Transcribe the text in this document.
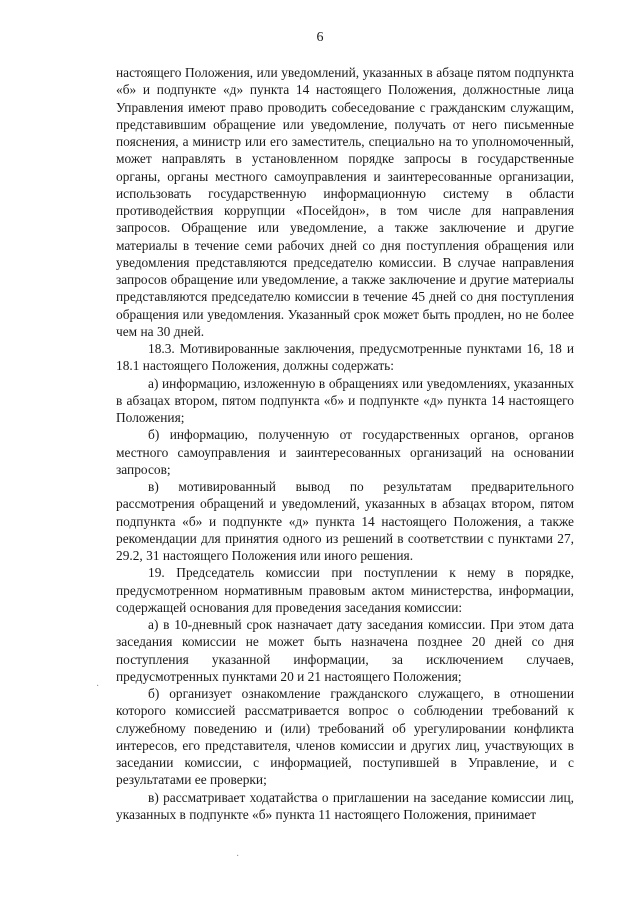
6

настоящего Положения, или уведомлений, указанных в абзаце пятом подпункта «б» и подпункте «д» пункта 14 настоящего Положения, должностные лица Управления имеют право проводить собеседование с гражданским служащим, представившим обращение или уведомление, получать от него письменные пояснения, а министр или его заместитель, специально на то уполномоченный, может направлять в установленном порядке запросы в государственные органы, органы местного самоуправления и заинтересованные организации, использовать государственную информационную систему в области противодействия коррупции «Посейдон», в том числе для направления запросов. Обращение или уведомление, а также заключение и другие материалы в течение семи рабочих дней со дня поступления обращения или уведомления представляются председателю комиссии. В случае направления запросов обращение или уведомление, а также заключение и другие материалы представляются председателю комиссии в течение 45 дней со дня поступления обращения или уведомления. Указанный срок может быть продлен, но не более чем на 30 дней.

18.3. Мотивированные заключения, предусмотренные пунктами 16, 18 и 18.1 настоящего Положения, должны содержать:

а) информацию, изложенную в обращениях или уведомлениях, указанных в абзацах втором, пятом подпункта «б» и подпункте «д» пункта 14 настоящего Положения;

б) информацию, полученную от государственных органов, органов местного самоуправления и заинтересованных организаций на основании запросов;

в) мотивированный вывод по результатам предварительного рассмотрения обращений и уведомлений, указанных в абзацах втором, пятом подпункта «б» и подпункте «д» пункта 14 настоящего Положения, а также рекомендации для принятия одного из решений в соответствии с пунктами 27, 29.2, 31 настоящего Положения или иного решения.

19. Председатель комиссии при поступлении к нему в порядке, предусмотренном нормативным правовым актом министерства, информации, содержащей основания для проведения заседания комиссии:

а) в 10-дневный срок назначает дату заседания комиссии. При этом дата заседания комиссии не может быть назначена позднее 20 дней со дня поступления указанной информации, за исключением случаев, предусмотренных пунктами 20 и 21 настоящего Положения;

б) организует ознакомление гражданского служащего, в отношении которого комиссией рассматривается вопрос о соблюдении требований к служебному поведению и (или) требований об урегулировании конфликта интересов, его представителя, членов комиссии и других лиц, участвующих в заседании комиссии, с информацией, поступившей в Управление, и с результатами ее проверки;

в) рассматривает ходатайства о приглашении на заседание комиссии лиц, указанных в подпункте «б» пункта 11 настоящего Положения, принимает

·
·
